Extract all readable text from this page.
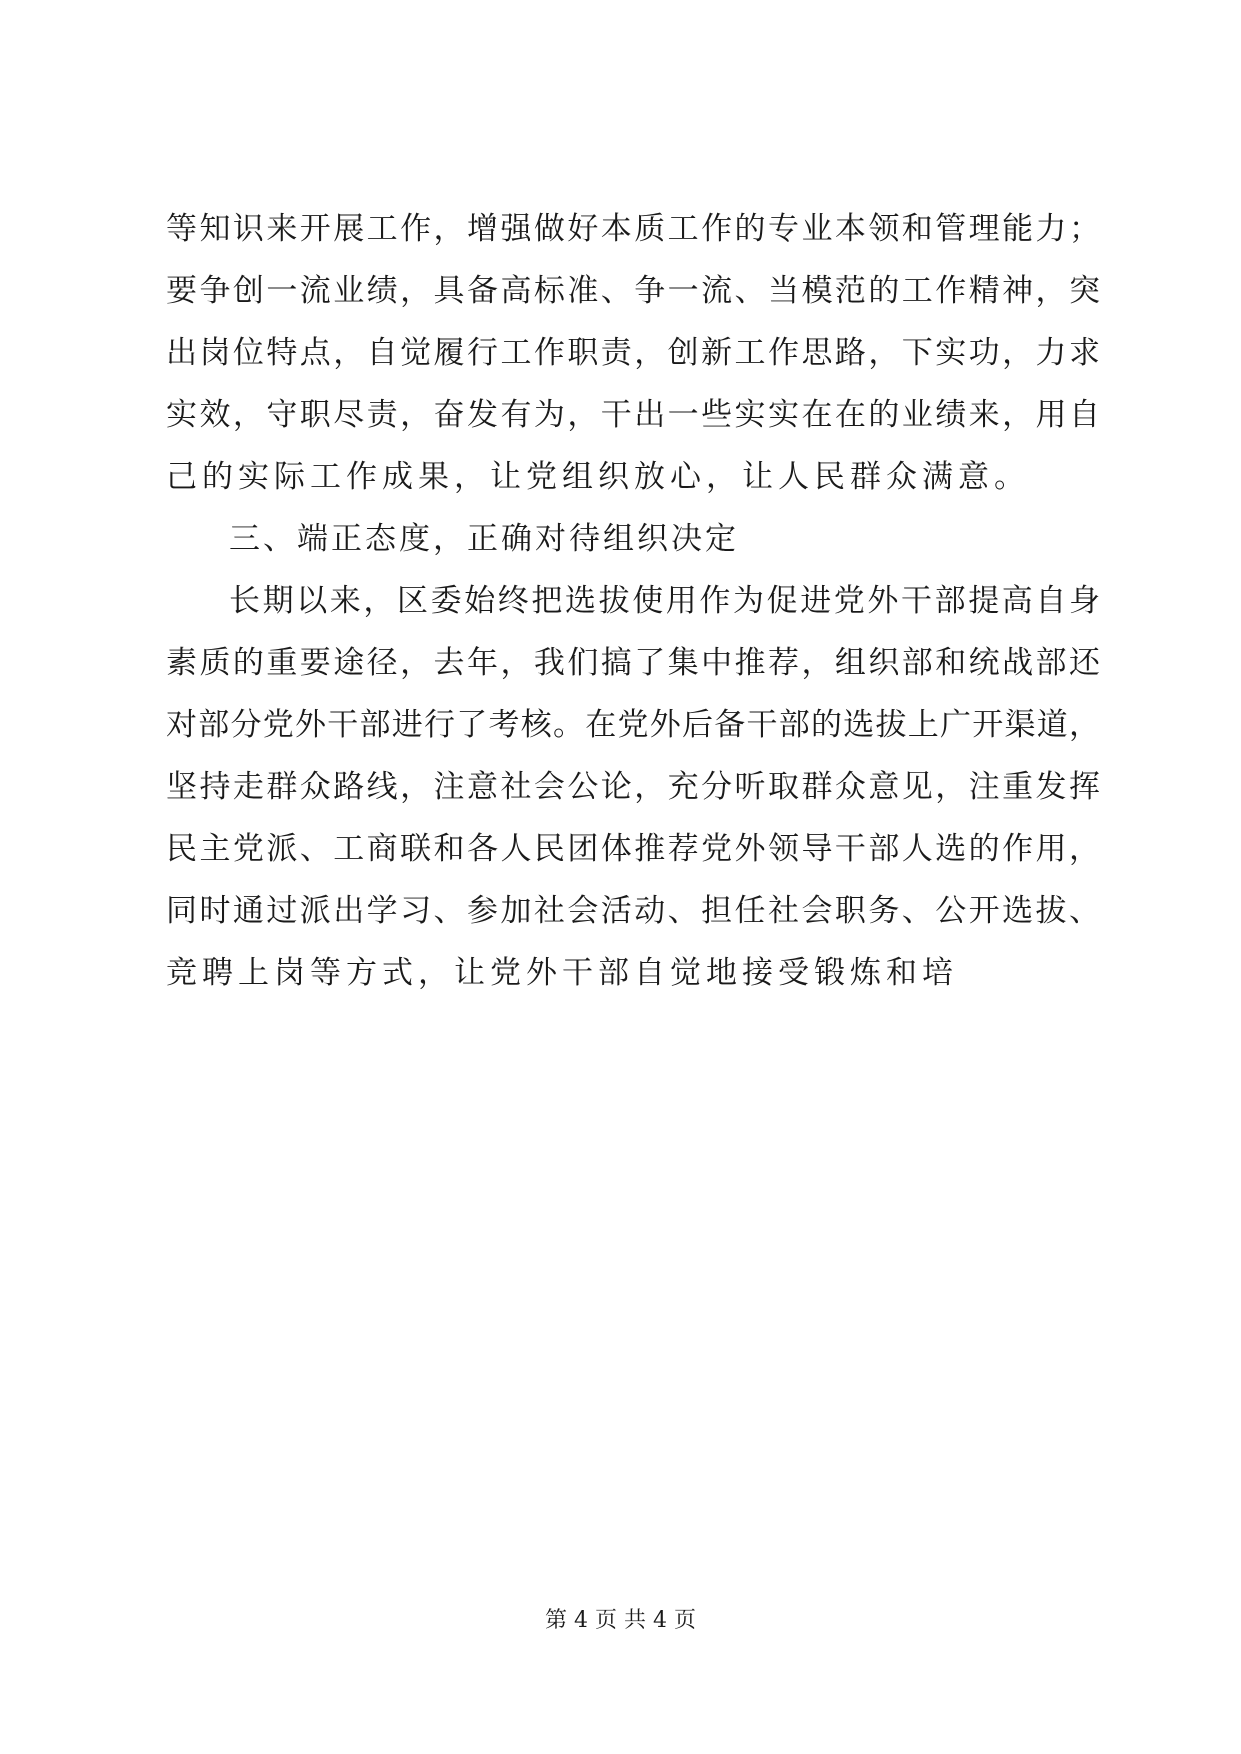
等知识来开展工作，增强做好本质工作的专业本领和管理能力；
要争创一流业绩，具备高标准、争一流、当模范的工作精神，突
出岗位特点，自觉履行工作职责，创新工作思路，下实功，力求
实效，守职尽责，奋发有为，干出一些实实在在的业绩来，用自
己的实际工作成果，让党组织放心，让人民群众满意。
三、端正态度，正确对待组织决定
长期以来，区委始终把选拔使用作为促进党外干部提高自身
素质的重要途径，去年，我们搞了集中推荐，组织部和统战部还
对部分党外干部进行了考核。在党外后备干部的选拔上广开渠道，
坚持走群众路线，注意社会公论，充分听取群众意见，注重发挥
民主党派、工商联和各人民团体推荐党外领导干部人选的作用，
同时通过派出学习、参加社会活动、担任社会职务、公开选拔、
竞聘上岗等方式，让党外干部自觉地接受锻炼和培
第 4 页 共 4 页
